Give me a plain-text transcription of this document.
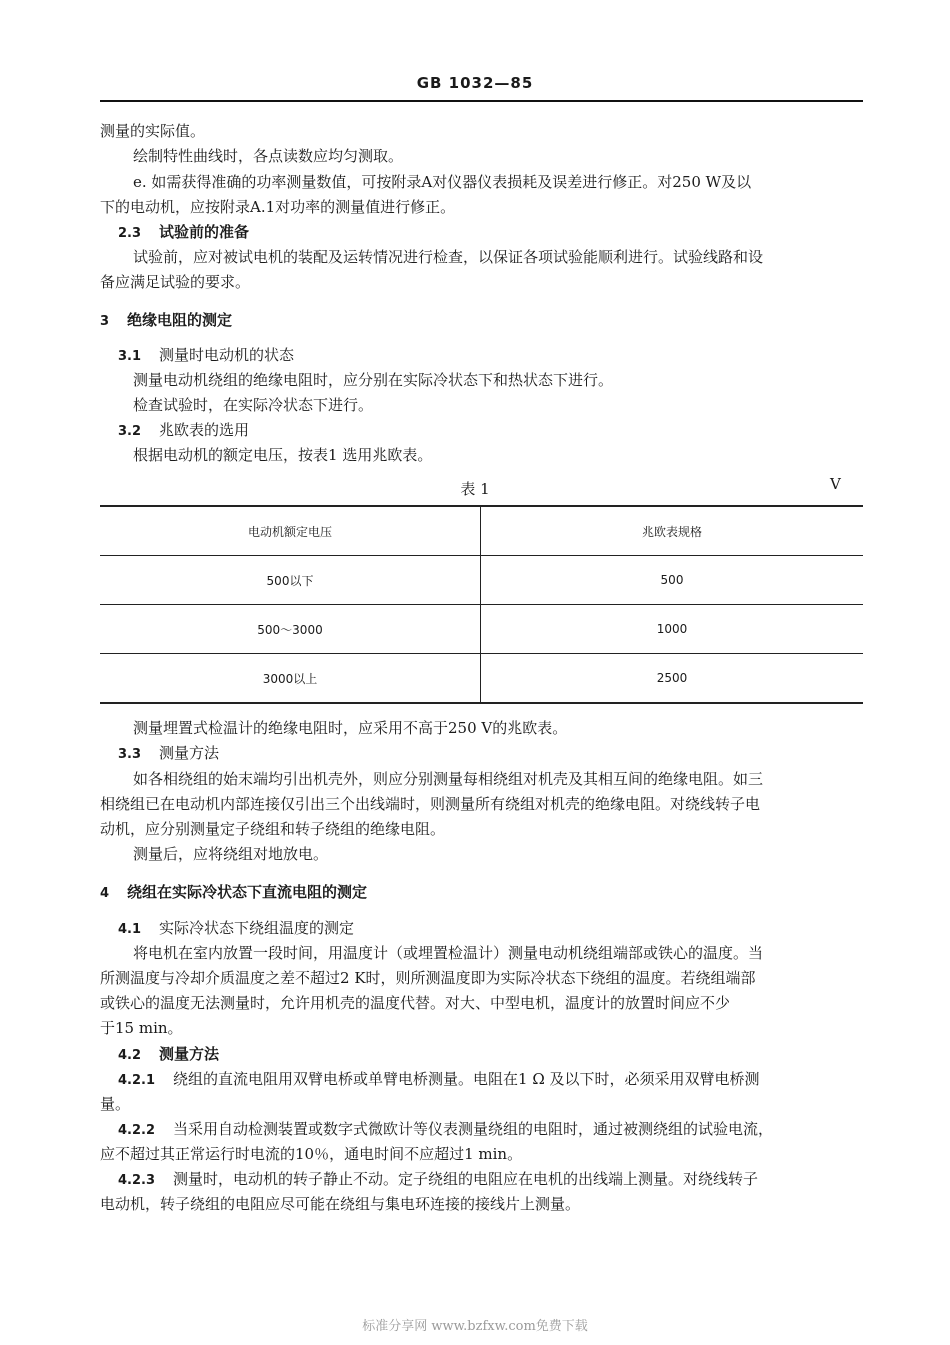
GB 1032—85
测量的实际值。
绘制特性曲线时，各点读数应均匀测取。
e. 如需获得准确的功率测量数值，可按附录A对仪器仪表损耗及误差进行修正。对250 W及以
下的电动机，应按附录A.1对功率的测量值进行修正。
2.3 试验前的准备
试验前，应对被试电机的装配及运转情况进行检查，以保证各项试验能顺利进行。试验线路和设
备应满足试验的要求。
3 绝缘电阻的测定
3.1 测量时电动机的状态
测量电动机绕组的绝缘电阻时，应分别在实际冷状态下和热状态下进行。
检查试验时，在实际冷状态下进行。
3.2 兆欧表的选用
根据电动机的额定电压，按表1 选用兆欧表。
表 1	V
电动机额定电压	兆欧表规格
500以下	500
500～3000	1000
3000以上	2500
测量埋置式检温计的绝缘电阻时，应采用不高于250 V的兆欧表。
3.3 测量方法
如各相绕组的始末端均引出机壳外，则应分别测量每相绕组对机壳及其相互间的绝缘电阻。如三
相绕组已在电动机内部连接仅引出三个出线端时，则测量所有绕组对机壳的绝缘电阻。对绕线转子电
动机，应分别测量定子绕组和转子绕组的绝缘电阻。
测量后，应将绕组对地放电。
4 绕组在实际冷状态下直流电阻的测定
4.1 实际冷状态下绕组温度的测定
将电机在室内放置一段时间，用温度计（或埋置检温计）测量电动机绕组端部或铁心的温度。当
所测温度与冷却介质温度之差不超过2 K时，则所测温度即为实际冷状态下绕组的温度。若绕组端部
或铁心的温度无法测量时，允许用机壳的温度代替。对大、中型电机，温度计的放置时间应不少
于15 min。
4.2 测量方法
4.2.1 绕组的直流电阻用双臂电桥或单臂电桥测量。电阻在1 Ω 及以下时，必须采用双臂电桥测
量。
4.2.2 当采用自动检测装置或数字式微欧计等仪表测量绕组的电阻时，通过被测绕组的试验电流，
应不超过其正常运行时电流的10％，通电时间不应超过1 min。
4.2.3 测量时，电动机的转子静止不动。定子绕组的电阻应在电机的出线端上测量。对绕线转子
电动机，转子绕组的电阻应尽可能在绕组与集电环连接的接线片上测量。
标准分享网 www.bzfxw.com免费下载
